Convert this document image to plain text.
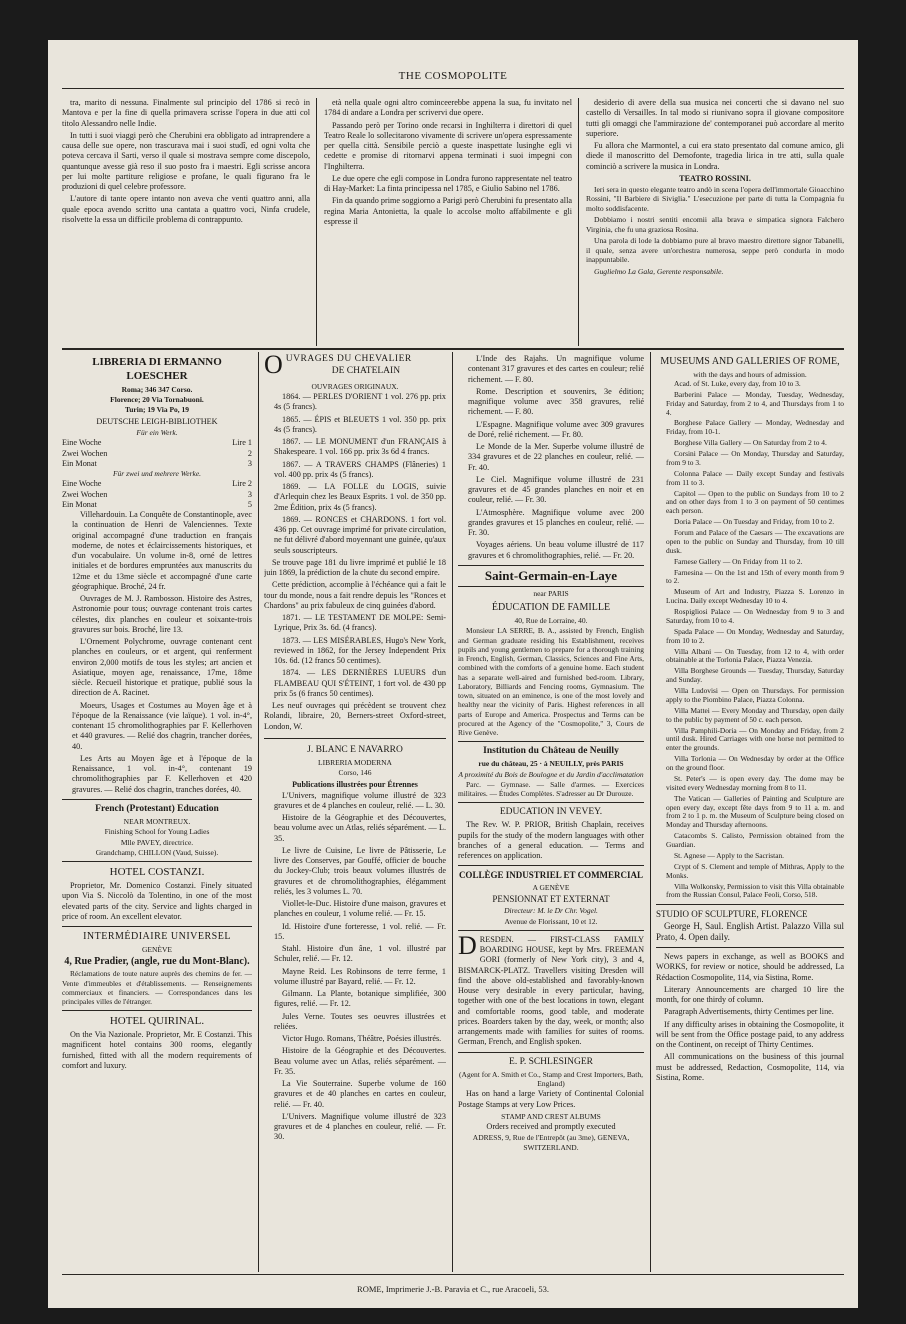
THE COSMOPOLITE

tra, marito di nessuna. Finalmente sul principio del 1786 si recò in Mantova e per la fine di quella primavera scrisse l'opera in due atti col titolo Alessandro nelle Indie.

In tutti i suoi viaggi però che Cherubini era obbligato ad intraprendere a causa delle sue opere, non trascurava mai i suoi studî, ed ogni volta che poteva cercava il Sarti, verso il quale si mostrava sempre come discepolo, quantunque avesse già reso il suo posto fra i maestri. Egli scrisse ancora per lui molte partiture religiose e profane, le quali figurano fra le produzioni di quel celebre professore.

L'autore di tante opere intanto non aveva che venti quattro anni, alla quale epoca avendo scritto una cantata a quattro voci, Ninfa crudele, risolvette la essa un difficile problema di contrappunto.

età nella quale ogni altro cominceerebbe appena la sua, fu invitato nel 1784 di andare a Londra per scrivervi due opere.

Passando però per Torino onde recarsi in Inghilterra i direttori di quel Teatro Reale lo sollecitarono vivamente di scrivere un'opera espressamente per quella città. Sensibile perciò a queste inaspettate lusinghe egli vi cedette e promise di ritornarvi appena terminati i suoi impegni con l'Inghilterra.

Le due opere che egli compose in Londra furono rappresentate nel teatro di Hay-Market: La finta principessa nel 1785, e Giulio Sabino nel 1786.

Fin da quando prime soggiorno a Parigi però Cherubini fu presentato alla regina Maria Antonietta, la quale lo accolse molto affabilmente e gli espresse il

desiderio di avere della sua musica nei concerti che si davano nel suo castello di Versailles. In tal modo si riunivano sopra il giovane compositore tutti gli omaggi che l'ammirazione de' contemporanei può accordare al merito superiore.

Fu allora che Marmontel, a cui era stato presentato dal comune amico, gli diede il manoscritto del Demofonte, tragedia lirica in tre atti, sulla quale cominciò a scrivere la musica in Londra.

TEATRO ROSSINI.

Ieri sera in questo elegante teatro andò in scena l'opera dell'immortale Gioacchino Rossini, "Il Barbiere di Siviglia." L'esecuzione per parte di tutta la Compagnia fu molto soddisfacente.

Dobbiamo i nostri sentiti encomii alla brava e simpatica signora Falchero Virginia, che fu una graziosa Rosina.

Una parola di lode la dobbiamo pure al bravo maestro direttore signor Tabanelli, il quale, senza avere un'orchestra numerosa, seppe però condurla in modo inappuntabile.

Guglielmo La Gala, Gerente responsabile.

LIBRERIA DI ERMANNO LOESCHER
Roma; 346 347 Corso.
Florence; 20 Via Tornabuoni.
Turin; 19 Via Po, 19
DEUTSCHE LEIGH-BIBLIOTHEK
Für ein Werk.
Eine Woche	Lire 1
Zwei Wochen	2
Ein Monat	3
Für zwei und mehrere Werke.
Eine Woche	Lire 2
Zwei Wochen	3
Ein Monat	5

Villehardouin. La Conquête de Constantinople, avec la continuation de Henri de Valenciennes. Texte original accompagné d'une traduction en français moderne, de notes et éclaircissements historiques, et d'un vocabulaire. Un volume in-8, orné de lettres initiales et de bordures empruntées aux manuscrits du 12me et du 13me siècle et accompagné d'une carte géographique. Broché, 24 fr.

Ouvrages de M. J. Rambosson. Histoire des Astres, Astronomie pour tous; ouvrage contenant trois cartes célestes, dix planches en couleur et soixante-trois gravures sur bois. Broché, lire 13.

L'Ornement Polychrome, ouvrage contenant cent planches en couleurs, or et argent, qui renferment environ 2,000 motifs de tous les styles; art ancien et Asiatique, moyen age, renaissance, 17me, 18me siècle. Recueil historique et pratique, publié sous la direction de A. Racinet.

Moeurs, Usages et Costumes au Moyen âge et à l'époque de la Renaissance (vie laïque). 1 vol. in-4°, contenant 15 chromolithographies par F. Kellerhoven et 440 gravures. — Relié dos chagrin, trancher dorées, 40.

Les Arts au Moyen âge et à l'époque de la Renaissance, 1 vol. in-4°, contenant 19 chromolithographies par F. Kellerhoven et 420 gravures. — Relié dos chagrin, tranches dorées, 40.

French (Protestant) Education
NEAR MONTREUX.
Finishing School for Young Ladies
Mlle PAVEY, directrice.
Grandchamp, CHILLON (Vaud, Suisse).
HOTEL COSTANZI.

Proprietor, Mr. Domenico Costanzi. Finely situated upon Via S. Niccolò da Tolentino, in one of the most elevated parts of the city. Service and lights charged in price of room. An excellent elevator.

INTERMÉDIAIRE UNIVERSEL
GENÈVE
4, Rue Pradier, (angle, rue du Mont-Blanc).

Réclamations de toute nature auprès des chemins de fer. — Vente d'immeubles et d'établissements. — Renseignements commerciaux et financiers. — Correspondances dans les principales villes de l'étranger.

HOTEL QUIRINAL.

On the Via Nazionale. Proprietor, Mr. E Costanzi. This magnificent hotel contains 300 rooms, elegantly furnished, fitted with all the modern requirements of comfort and luxury.

O UVRAGES DU CHEVALIER
DE CHATELAIN
OUVRAGES ORIGINAUX.

1864. — PERLES D'ORIENT 1 vol. 276 pp. prix 4s (5 francs).

1865. — ÉPIS et BLEUETS 1 vol. 350 pp. prix 4s (5 francs).

1867. — LE MONUMENT d'un FRANÇAIS à Shakespeare. 1 vol. 166 pp. prix 3s 6d 4 francs.

1867. — A TRAVERS CHAMPS (Flâneries) 1 vol. 400 pp. prix 4s (5 francs).

1869. — LA FOLLE du LOGIS, suivie d'Arlequin chez les Beaux Esprits. 1 vol. de 350 pp. 2me Édition, prix 4s (5 francs).

1869. — RONCES et CHARDONS. 1 fort vol. 436 pp. Cet ouvrage imprimé for private circulation, ne fut délivré d'abord moyennant une guinée, qu'aux seuls souscripteurs.

Se trouve page 181 du livre imprimé et publié le 18 juin 1869, la prédiction de la chute du second empire.

Cette prédiction, accomplie à l'échéance qui a fait le tour du monde, nous a fait rendre depuis les "Ronces et Chardons" au prix fabuleux de cinq guinées d'abord.

1871. — LE TESTAMENT DE MOLPE: Semi-Lyrique, Prix 3s. 6d. (4 francs).

1873. — LES MISÉRABLES, Hugo's New York, reviewed in 1862, for the Jersey Independent Prix 10s. 6d. (12 francs 50 centimes).

1874. — LES DERNIÈRES LUEURS d'un FLAMBEAU QUI S'ÉTEINT, 1 fort vol. de 430 pp prix 5s (6 francs 50 centimes).

Les neuf ouvrages qui précèdent se trouvent chez Rolandi, libraire, 20, Berners-street Oxford-street, London, W.

J. BLANC E NAVARRO
LIBRERIA MODERNA
Corso, 146
Publications illustrées pour Étrennes

L'Univers, magnifique volume illustré de 323 gravures et de 4 planches en couleur, relié. — L. 30.

Histoire de la Géographie et des Découvertes, beau volume avec un Atlas, reliés séparément. — L. 35.

Le livre de Cuisine, Le livre de Pâtisserie, Le livre des Conserves, par Gouffé, officier de bouche du Jockey-Club; trois beaux volumes illustrés de gravures et de chromolithographies, élégamment reliés, les 3 volumes L. 70.

Viollet-le-Duc. Histoire d'une maison, gravures et planches en couleur, 1 volume relié. — Fr. 15.

Id. Histoire d'une forteresse, 1 vol. relié. — Fr. 15.

Stahl. Histoire d'un âne, 1 vol. illustré par Schuler, relié. — Fr. 12.

Mayne Reid. Les Robinsons de terre ferme, 1 volume illustré par Bayard, relié. — Fr. 12.

Gilmann. La Plante, botanique simplifiée, 300 figures, relié. — Fr. 12.

Jules Verne. Toutes ses oeuvres illustrées et reliées.

Victor Hugo. Romans, Théâtre, Poésies illustrés.

Histoire de la Géographie et des Découvertes. Beau volume avec un Atlas, reliés séparément. — Fr. 35.

La Vie Souterraine. Superbe volume de 160 gravures et de 40 planches en cartes en couleur, relié. — Fr. 40.

L'Univers. Magnifique volume illustré de 323 gravures et de 4 planches en couleur, relié. — Fr. 30.

L'Inde des Rajahs. Un magnifique volume contenant 317 gravures et des cartes en couleur; relié richement. — F. 80.

Rome. Description et souvenirs, 3e édition; magnifique volume avec 358 gravures, relié richement. — F. 80.

L'Espagne. Magnifique volume avec 309 gravures de Doré, relié richement. — Fr. 80.

Le Monde de la Mer. Superbe volume illustré de 334 gravures et de 22 planches en couleur, relié. — Fr. 40.

Le Ciel. Magnifique volume illustré de 231 gravures et de 45 grandes planches en noir et en couleur, relié. — Fr. 30.

L'Atmosphère. Magnifique volume avec 200 grandes gravures et 15 planches en couleur, relié. — Fr. 30.

Voyages aériens. Un beau volume illustré de 117 gravures et 6 chromolithographies, relié. — Fr. 20.

Saint-Germain-en-Laye
near PARIS
ÉDUCATION DE FAMILLE
40, Rue de Lorraine, 40.

Monsieur LA SERRE, B. A., assisted by French, English and German graduate residing his Establishment, receives pupils and young gentlemen to prepare for a thorough training in French, English, German, Classics, Sciences and Fine Arts, combined with the comforts of a genuine home. Each student has a separate well-aired and furnished bed-room. Library, Laboratory, Billiards and Fencing rooms, Gymnasium. The town, situated on an eminence, is one of the most lovely and healthy near the vicinity of Paris. Highest references in all parts of Europe and America. Prospectus and Terms can be procured at the Agency of the "Cosmopolite," 3, Cours de Rive Genève.

Institution du Château de Neuilly
rue du château, 25 · à NEUILLY, près PARIS
A proximité du Bois de Boulogne et du Jardin d'acclimatation

Parc. — Gymnase. — Salle d'armes. — Exercices militaires. — Études Complètes. S'adresser au Dr Durouze.

EDUCATION IN VEVEY.

The Rev. W. P. PRIOR, British Chaplain, receives pupils for the study of the modern languages with other branches of a general education. — Terms and references on application.

COLLÈGE INDUSTRIEL ET COMMERCIAL
A GENÈVE
PENSIONNAT ET EXTERNAT
Directeur: M. le Dr Chr. Vogel.
Avenue de Florissant, 10 et 12.
D RESDEN. — FIRST-CLASS FAMILY BOARDING HOUSE, kept by Mrs. FREEMAN GORI (formerly of New York city), 3 and 4, BISMARCK-PLATZ. Travellers visiting Dresden will find the above old-established and favorably-known House very desirable in every particular, having, together with one of the best locations in town, elegant and comfortable rooms, good table, and moderate prices. Boarders taken by the day, week, or month; also arrangements made with families for suites of rooms. German, French, and English spoken.
E. P. SCHLESINGER
(Agent for A. Smith et Co., Stamp and Crest Importers, Bath, England)

Has on hand a large Variety of Continental Colonial Postage Stamps at very Low Prices.

STAMP AND CREST ALBUMS
Orders received and promptly executed
ADRESS, 9, Rue de l'Entrepôt (au 3me), GENEVA, SWITZERLAND.
MUSEUMS AND GALLERIES OF ROME,
with the days and hours of admission.

Acad. of St. Luke, every day, from 10 to 3.

Barberini Palace — Monday, Tuesday, Wednesday, Friday and Saturday, from 2 to 4, and Thursdays from 1 to 4.

Borghese Palace Gallery — Monday, Wednesday and Friday, from 10-1.

Borghese Villa Gallery — On Saturday from 2 to 4.

Corsini Palace — On Monday, Thursday and Saturday, from 9 to 3.

Colonna Palace — Daily except Sunday and festivals from 11 to 3.

Capitol — Open to the public on Sundays from 10 to 2 and on other days from 1 to 3 on payment of 50 centimes each person.

Doria Palace — On Tuesday and Friday, from 10 to 2.

Forum and Palace of the Caesars — The excavations are open to the public on Sunday and Thursday, from 10 till dusk.

Farnese Gallery — On Friday from 11 to 2.

Farnesina — On the 1st and 15th of every month from 9 to 2.

Museum of Art and Industry, Piazza S. Lorenzo in Lucina. Daily except Wednesday 10 to 4.

Rospigliosi Palace — On Wednesday from 9 to 3 and Saturday, from 10 to 4.

Spada Palace — On Monday, Wednesday and Saturday, from 10 to 2.

Villa Albani — On Tuesday, from 12 to 4, with order obtainable at the Torlonia Palace, Piazza Venezia.

Villa Borghese Grounds — Tuesday, Thursday, Saturday and Sunday.

Villa Ludovisi — Open on Thursdays. For permission apply to the Piombino Palace, Piazza Colonna.

Villa Mattei — Every Monday and Thursday, open daily to the public by payment of 50 c. each person.

Villa Pamphili-Doria — On Monday and Friday, from 2 until dusk. Hired Carriages with one horse not permitted to enter the grounds.

Villa Torlonia — On Wednesday by order at the Office on the ground floor.

St. Peter's — is open every day. The dome may be visited every Wednesday morning from 8 to 11.

The Vatican — Galleries of Painting and Sculpture are open every day, except fête days from 9 to 11 a. m. and from 2 to 1 p. m. the Museum of Sculpture being closed on Monday and Thursday afternoons.

Catacombs S. Calisto, Permission obtained from the Guardian.

St. Agnese — Apply to the Sacristan.

Crypt of S. Clement and temple of Mithras, Apply to the Monks.

Villa Wolkonsky, Permission to visit this Villa obtainable from the Russian Consul, Palace Feoli, Corso, 518.

STUDIO OF SCULPTURE, FLORENCE

George H, Saul. English Artist. Palazzo Villa sul Prato, 4. Open daily.

News papers in exchange, as well as BOOKS and WORKS, for review or notice, should be addressed, La Rédaction Cosmopolite, 114, via Sistina, Rome.

Literary Announcements are charged 10 lire the month, for one thirdy of column.

Paragraph Advertisements, thirty Centimes per line.

If any difficulty arises in obtaining the Cosmopolite, it will be sent from the Office postage paid, to any address on the Continent, on receipt of Thirty Centimes.

All communications on the business of this journal must be addressed, Redaction, Cosmopolite, 114, via Sistina, Rome.

ROME, Imprimerie J.-B. Paravia et C., rue Aracoeli, 53.
